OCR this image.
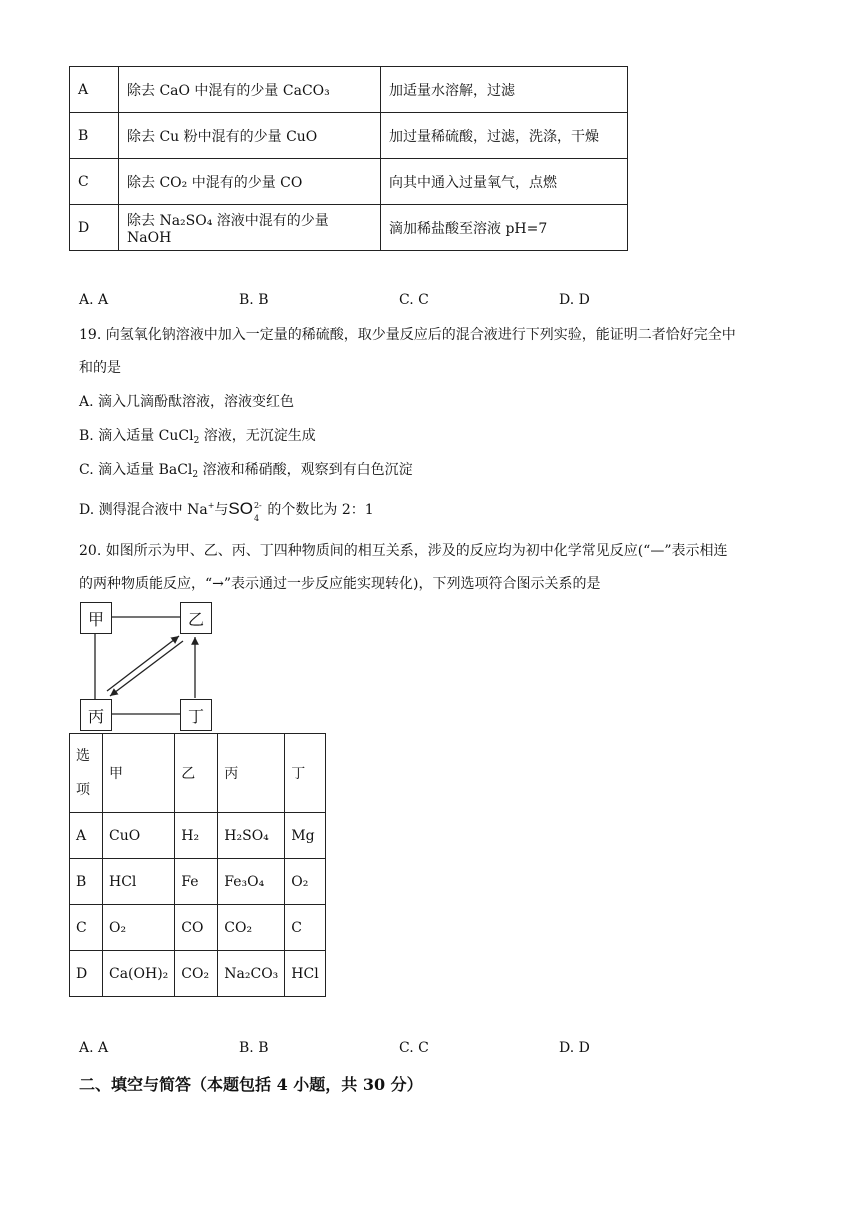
A	除去 CaO 中混有的少量 CaCO₃	加适量水溶解，过滤
B	除去 Cu 粉中混有的少量 CuO	加过量稀硫酸，过滤，洗涤，干燥
C	除去 CO₂ 中混有的少量 CO	向其中通入过量氧气，点燃
D	除去 Na₂SO₄ 溶液中混有的少量 NaOH	滴加稀盐酸至溶液 pH=7
A. A	B. B	C. C	D. D
19. 向氢氧化钠溶液中加入一定量的稀硫酸，取少量反应后的混合液进行下列实验，能证明二者恰好完全中
和的是
A. 滴入几滴酚酞溶液，溶液变红色
B. 滴入适量 CuCl$_2$ 溶液，无沉淀生成
C. 滴入适量 BaCl$_2$ 溶液和稀硝酸，观察到有白色沉淀
D. 测得混合液中 Na+与SO 2-
4
的个数比为 2：1
20. 如图所示为甲、乙、丙、丁四种物质间的相互关系，涉及的反应均为初中化学常见反应(“—”表示相连
的两种物质能反应，“→”表示通过一步反应能实现转化)，下列选项符合图示关系的是
甲	乙
丙	丁
选项	甲	乙	丙	丁
A	CuO	H₂	H₂SO₄	Mg
B	HCl	Fe	Fe₃O₄	O₂
C	O₂	CO	CO₂	C
D	Ca(OH)₂	CO₂	Na₂CO₃	HCl
A. A	B. B	C. C	D. D
二、填空与简答（本题包括 4 小题，共 30 分）
